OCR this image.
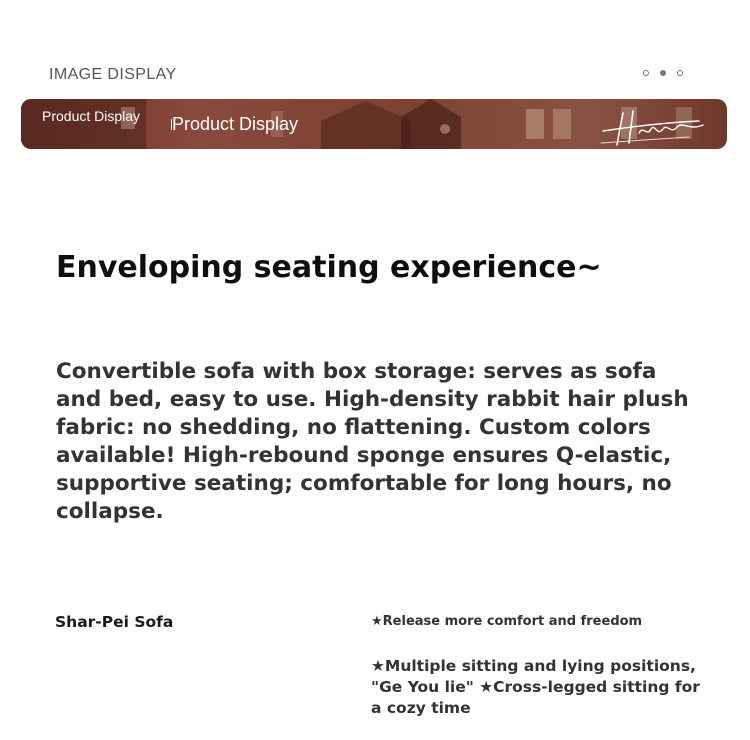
IMAGE DISPLAY
Product Display	Product Display
Enveloping seating experience~
Convertible sofa with box storage: serves as sofa and bed, easy to use. High-density rabbit hair plush fabric: no shedding, no flattening. Custom colors available! High-rebound sponge ensures Q-elastic, supportive seating; comfortable for long hours, no collapse.
Shar-Pei Sofa	★Release more comfort and freedom
★Multiple sitting and lying positions, "Ge You lie" ★Cross-legged sitting for a cozy time
